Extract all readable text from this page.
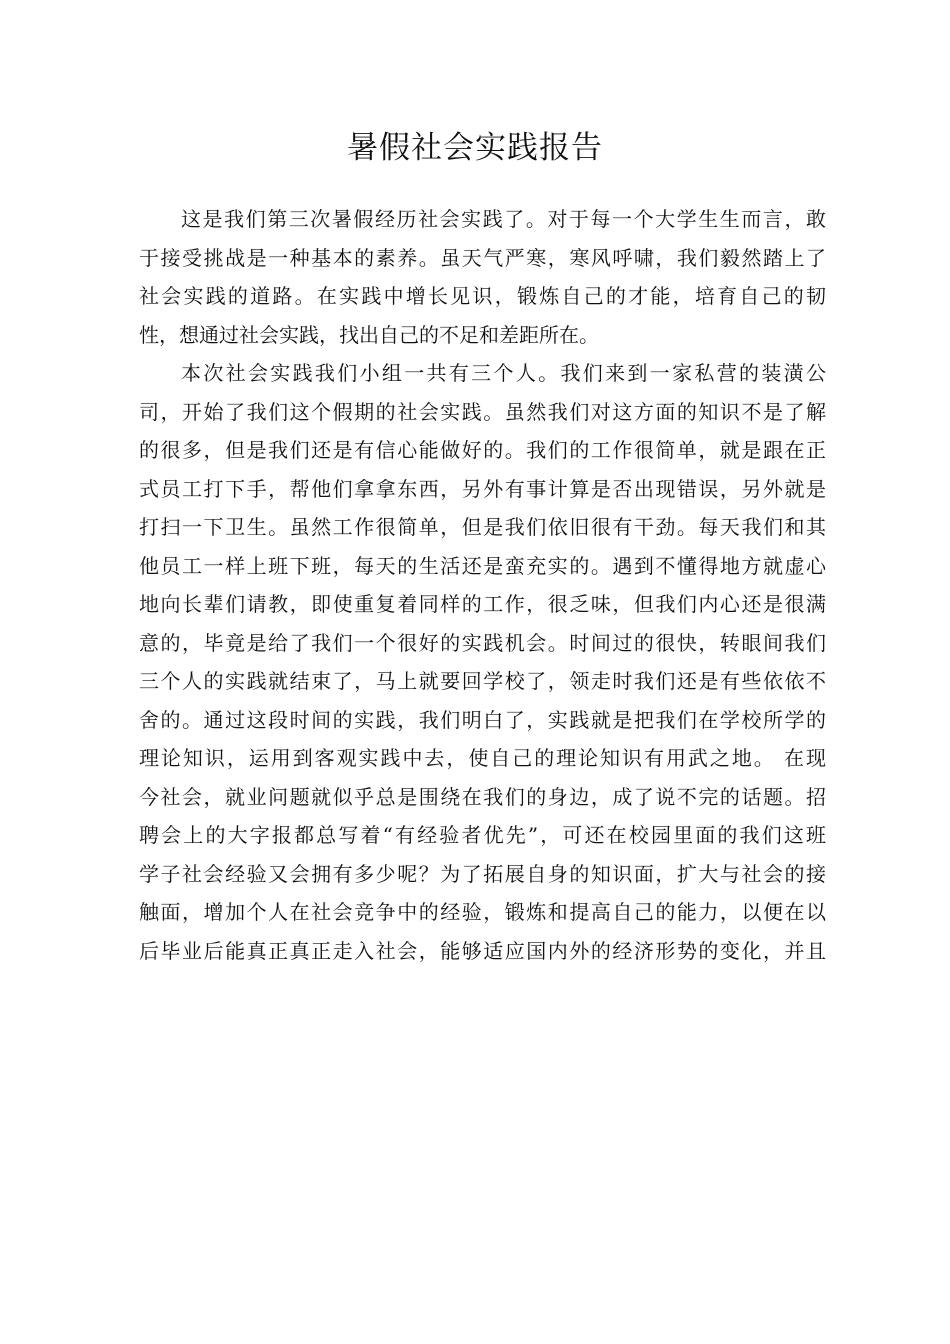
暑假社会实践报告

这是我们第三次暑假经历社会实践了。对于每一个大学生生而言，敢
于接受挑战是一种基本的素养。虽天气严寒，寒风呼啸，我们毅然踏上了
社会实践的道路。在实践中增长见识，锻炼自己的才能，培育自己的韧
性，想通过社会实践，找出自己的不足和差距所在。

本次社会实践我们小组一共有三个人。我们来到一家私营的装潢公
司，开始了我们这个假期的社会实践。虽然我们对这方面的知识不是了解
的很多，但是我们还是有信心能做好的。我们的工作很简单，就是跟在正
式员工打下手，帮他们拿拿东西，另外有事计算是否出现错误，另外就是
打扫一下卫生。虽然工作很简单，但是我们依旧很有干劲。每天我们和其
他员工一样上班下班，每天的生活还是蛮充实的。遇到不懂得地方就虚心
地向长辈们请教，即使重复着同样的工作，很乏味，但我们内心还是很满
意的，毕竟是给了我们一个很好的实践机会。时间过的很快，转眼间我们
三个人的实践就结束了，马上就要回学校了，领走时我们还是有些依依不
舍的。通过这段时间的实践，我们明白了，实践就是把我们在学校所学的
理论知识，运用到客观实践中去，使自己的理论知识有用武之地。 在现
今社会，就业问题就似乎总是围绕在我们的身边，成了说不完的话题。招
聘会上的大字报都总写着“有经验者优先”，可还在校园里面的我们这班
学子社会经验又会拥有多少呢？为了拓展自身的知识面，扩大与社会的接
触面，增加个人在社会竞争中的经验，锻炼和提高自己的能力，以便在以
后毕业后能真正真正走入社会，能够适应国内外的经济形势的变化，并且
